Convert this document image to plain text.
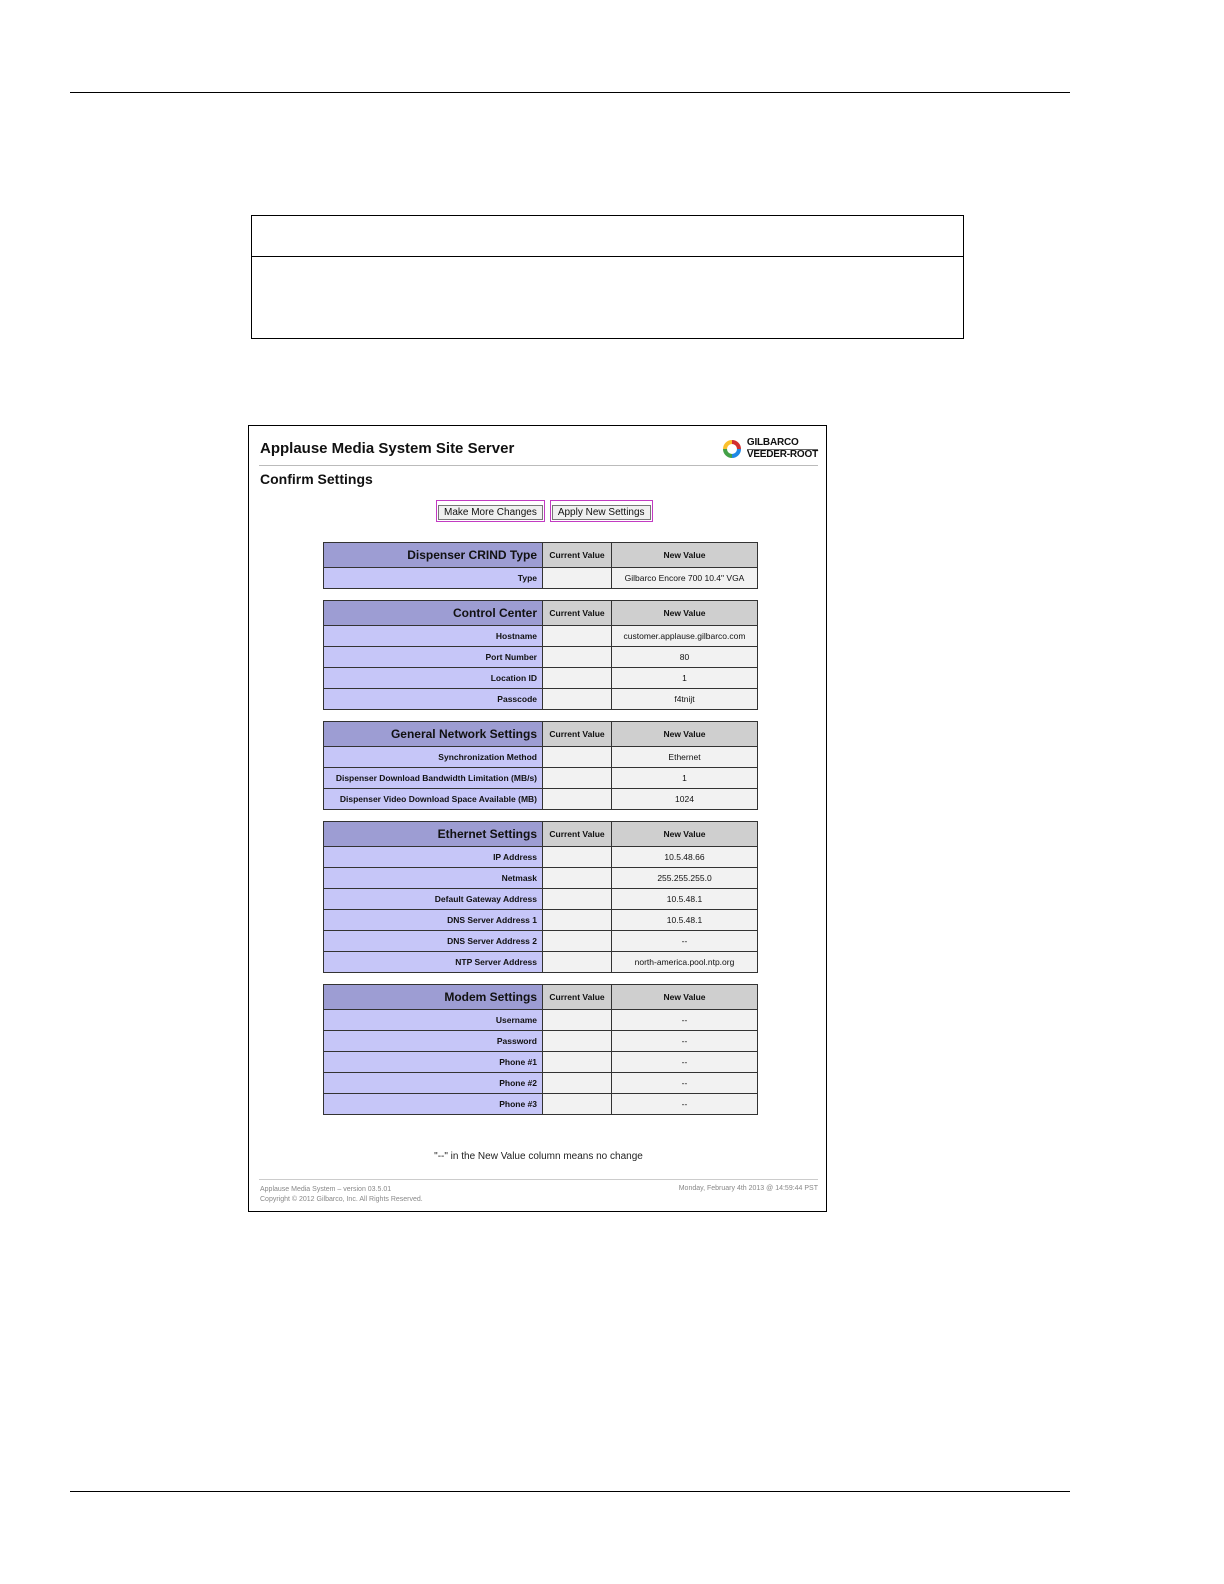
Applause Media System Site Server	GILBARCO
VEEDER-ROOT
Confirm Settings
Make More Changes	Apply New Settings
Dispenser CRIND Type	Current Value	New Value
Type		Gilbarco Encore 700 10.4" VGA
Control Center	Current Value	New Value
Hostname		customer.applause.gilbarco.com
Port Number		80
Location ID		1
Passcode		f4tnijt
General Network Settings	Current Value	New Value
Synchronization Method		Ethernet
Dispenser Download Bandwidth Limitation (MB/s)		1
Dispenser Video Download Space Available (MB)		1024
Ethernet Settings	Current Value	New Value
IP Address		10.5.48.66
Netmask		255.255.255.0
Default Gateway Address		10.5.48.1
DNS Server Address 1		10.5.48.1
DNS Server Address 2		--
NTP Server Address		north-america.pool.ntp.org
Modem Settings	Current Value	New Value
Username		--
Password		--
Phone #1		--
Phone #2		--
Phone #3		--
"--" in the New Value column means no change
Applause Media System – version 03.5.01
Copyright © 2012 Gilbarco, Inc. All Rights Reserved.
Monday, February 4th 2013 @ 14:59:44 PST
